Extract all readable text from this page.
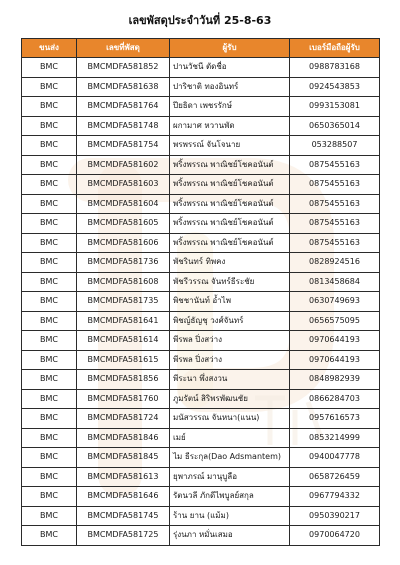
เลขพัสดุประจำวันที่ 25-8-63
ขนส่ง	เลขที่พัสดุ	ผู้รับ	เบอร์มือถือผู้รับ
BMC	BMCMDFA581852	ปานวัชนี ตัดชื่อ	0988783168
BMC	BMCMDFA581638	ปาริชาติ ทองอินทร์	0924543853
BMC	BMCMDFA581764	ปียธิดา เพชรรักษ์	0993153081
BMC	BMCMDFA581748	ผกามาศ หวานพัด	0650365014
BMC	BMCMDFA581754	พรพรรณ์ จันโจนาย	053288507
BMC	BMCMDFA581602	พริ้งพรรณ พาณิชย์โชคอนันต์	0875455163
BMC	BMCMDFA581603	พริ้งพรรณ พาณิชย์โชคอนันต์	0875455163
BMC	BMCMDFA581604	พริ้งพรรณ พาณิชย์โชคอนันต์	0875455163
BMC	BMCMDFA581605	พริ้งพรรณ พาณิชย์โชคอนันต์	0875455163
BMC	BMCMDFA581606	พริ้งพรรณ พาณิชย์โชคอนันต์	0875455163
BMC	BMCMDFA581736	พัชรินทร์ ทิพคง	0828924516
BMC	BMCMDFA581608	พัชรีวรรณ จันทร์ธีระชัย	0813458684
BMC	BMCMDFA581735	พิชชานันท์ อ้ำไพ	0630749693
BMC	BMCMDFA581641	พิชญ์ธัญชุ วงศ์จันทร์	0656575095
BMC	BMCMDFA581614	พีรพล ปิ่งสว่าง	0970644193
BMC	BMCMDFA581615	พีรพล ปิ่งสว่าง	0970644193
BMC	BMCMDFA581856	พีระนา พึ่งสงวน	0848982939
BMC	BMCMDFA581760	ภูมรัตน์ สิริพรพัฒนชัย	0866284703
BMC	BMCMDFA581724	มนัสวรรณ จันหนา(แนน)	0957616573
BMC	BMCMDFA581846	เมย์	0853214999
BMC	BMCMDFA581845	ไม ธีระกุล(Dao Adsmantem)	0940047778
BMC	BMCMDFA581613	ยุพาภรณ์ มานุบูลือ	0658726459
BMC	BMCMDFA581646	รัตนวลี ภักดีไพบูลย์สกุล	0967794332
BMC	BMCMDFA581745	ร้าน ยาน (แม้ม)	0950390217
BMC	BMCMDFA581725	รุ่งนภา หมั่นเสมอ	0970064720
